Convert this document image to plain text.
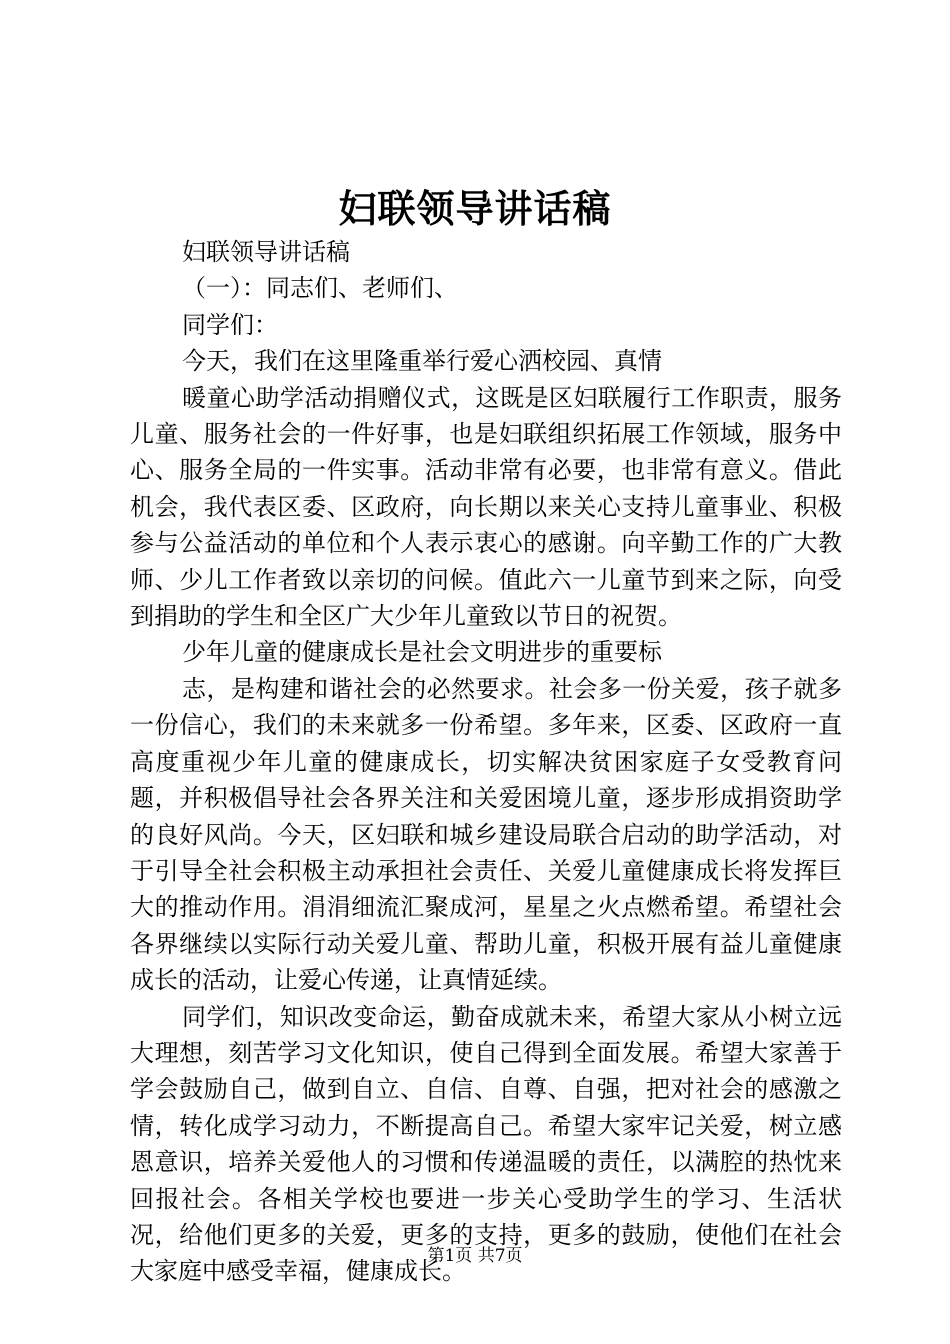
妇联领导讲话稿
妇联领导讲话稿
（一）：同志们、老师们、
同学们：
今天，我们在这里隆重举行爱心洒校园、真情

暖童心助学活动捐赠仪式，这既是区妇联履行工作职责，服务儿童、服务社会的一件好事，也是妇联组织拓展工作领域，服务中心、服务全局的一件实事。活动非常有必要，也非常有意义。借此机会，我代表区委、区政府，向长期以来关心支持儿童事业、积极参与公益活动的单位和个人表示衷心的感谢。向辛勤工作的广大教师、少儿工作者致以亲切的问候。值此六一儿童节到来之际，向受到捐助的学生和全区广大少年儿童致以节日的祝贺。

少年儿童的健康成长是社会文明进步的重要标

志，是构建和谐社会的必然要求。社会多一份关爱，孩子就多一份信心，我们的未来就多一份希望。多年来，区委、区政府一直高度重视少年儿童的健康成长，切实解决贫困家庭子女受教育问题，并积极倡导社会各界关注和关爱困境儿童，逐步形成捐资助学的良好风尚。今天，区妇联和城乡建设局联合启动的助学活动，对于引导全社会积极主动承担社会责任、关爱儿童健康成长将发挥巨大的推动作用。涓涓细流汇聚成河，星星之火点燃希望。希望社会各界继续以实际行动关爱儿童、帮助儿童，积极开展有益儿童健康成长的活动，让爱心传递，让真情延续。

同学们，知识改变命运，勤奋成就未来，希望大家从小树立远大理想，刻苦学习文化知识，使自己得到全面发展。希望大家善于学会鼓励自己，做到自立、自信、自尊、自强，把对社会的感激之情，转化成学习动力，不断提高自己。希望大家牢记关爱，树立感恩意识，培养关爱他人的习惯和传递温暖的责任，以满腔的热忱来回报社会。各相关学校也要进一步关心受助学生的学习、生活状况，给他们更多的关爱，更多的支持，更多的鼓励，使他们在社会大家庭中感受幸福，健康成长。

第1页 共7页
